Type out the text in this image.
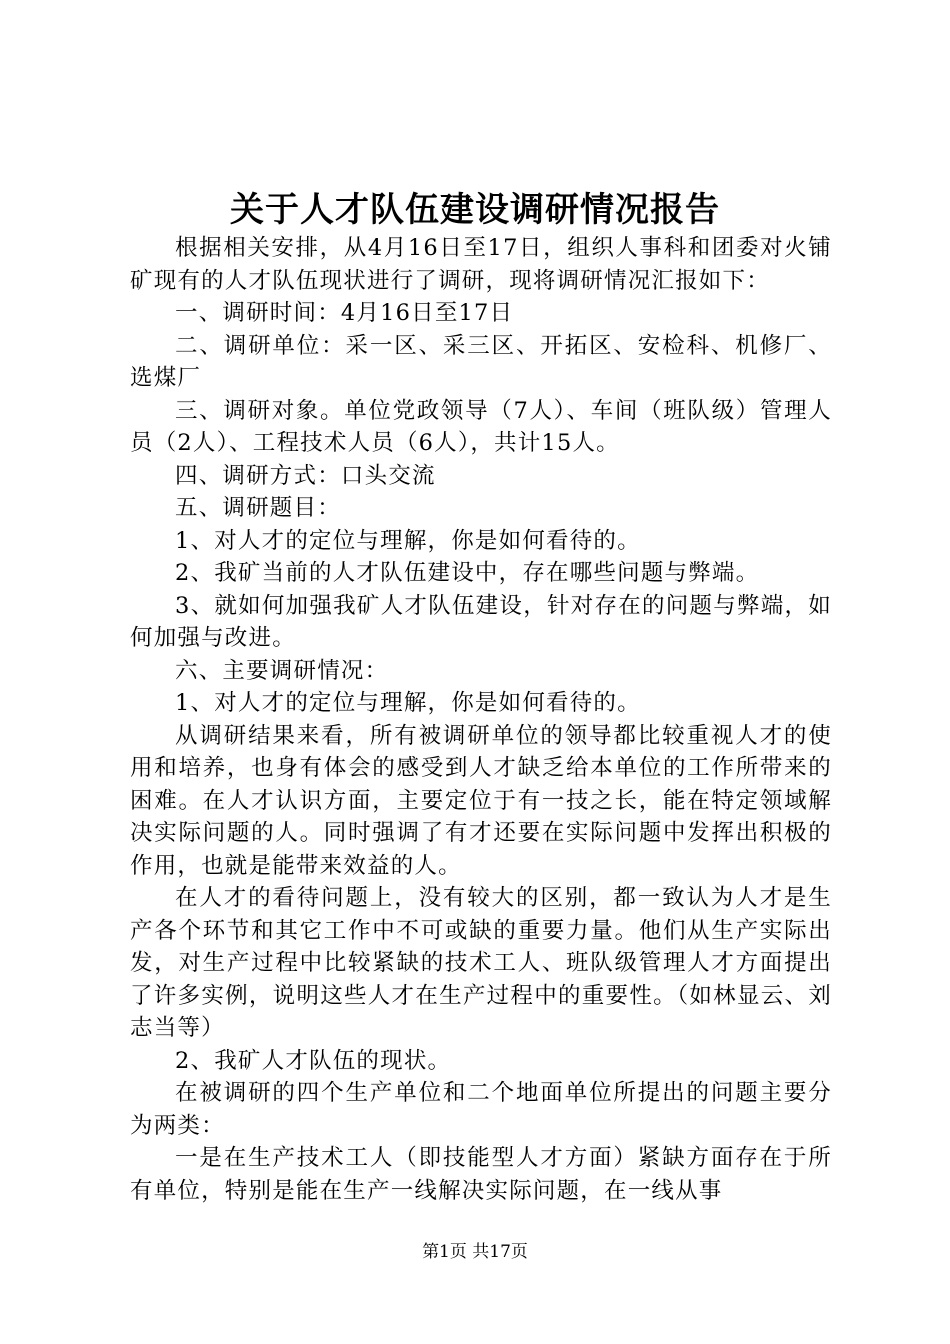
关于人才队伍建设调研情况报告

根据相关安排，从4月16日至17日，组织人事科和团委对火铺矿现有的人才队伍现状进行了调研，现将调研情况汇报如下：

一、调研时间：4月16日至17日

二、调研单位：采一区、采三区、开拓区、安检科、机修厂、选煤厂

三、调研对象。单位党政领导（7人）、车间（班队级）管理人员（2人）、工程技术人员（6人），共计15人。

四、调研方式：口头交流

五、调研题目：

1、对人才的定位与理解，你是如何看待的。

2、我矿当前的人才队伍建设中，存在哪些问题与弊端。

3、就如何加强我矿人才队伍建设，针对存在的问题与弊端，如何加强与改进。

六、主要调研情况：

1、对人才的定位与理解，你是如何看待的。

从调研结果来看，所有被调研单位的领导都比较重视人才的使用和培养，也身有体会的感受到人才缺乏给本单位的工作所带来的困难。在人才认识方面，主要定位于有一技之长，能在特定领域解决实际问题的人。同时强调了有才还要在实际问题中发挥出积极的作用，也就是能带来效益的人。

在人才的看待问题上，没有较大的区别，都一致认为人才是生产各个环节和其它工作中不可或缺的重要力量。他们从生产实际出发，对生产过程中比较紧缺的技术工人、班队级管理人才方面提出了许多实例，说明这些人才在生产过程中的重要性。（如林显云、刘志当等）

2、我矿人才队伍的现状。

在被调研的四个生产单位和二个地面单位所提出的问题主要分为两类：

一是在生产技术工人（即技能型人才方面）紧缺方面存在于所有单位，特别是能在生产一线解决实际问题，在一线从事

第1页 共17页
